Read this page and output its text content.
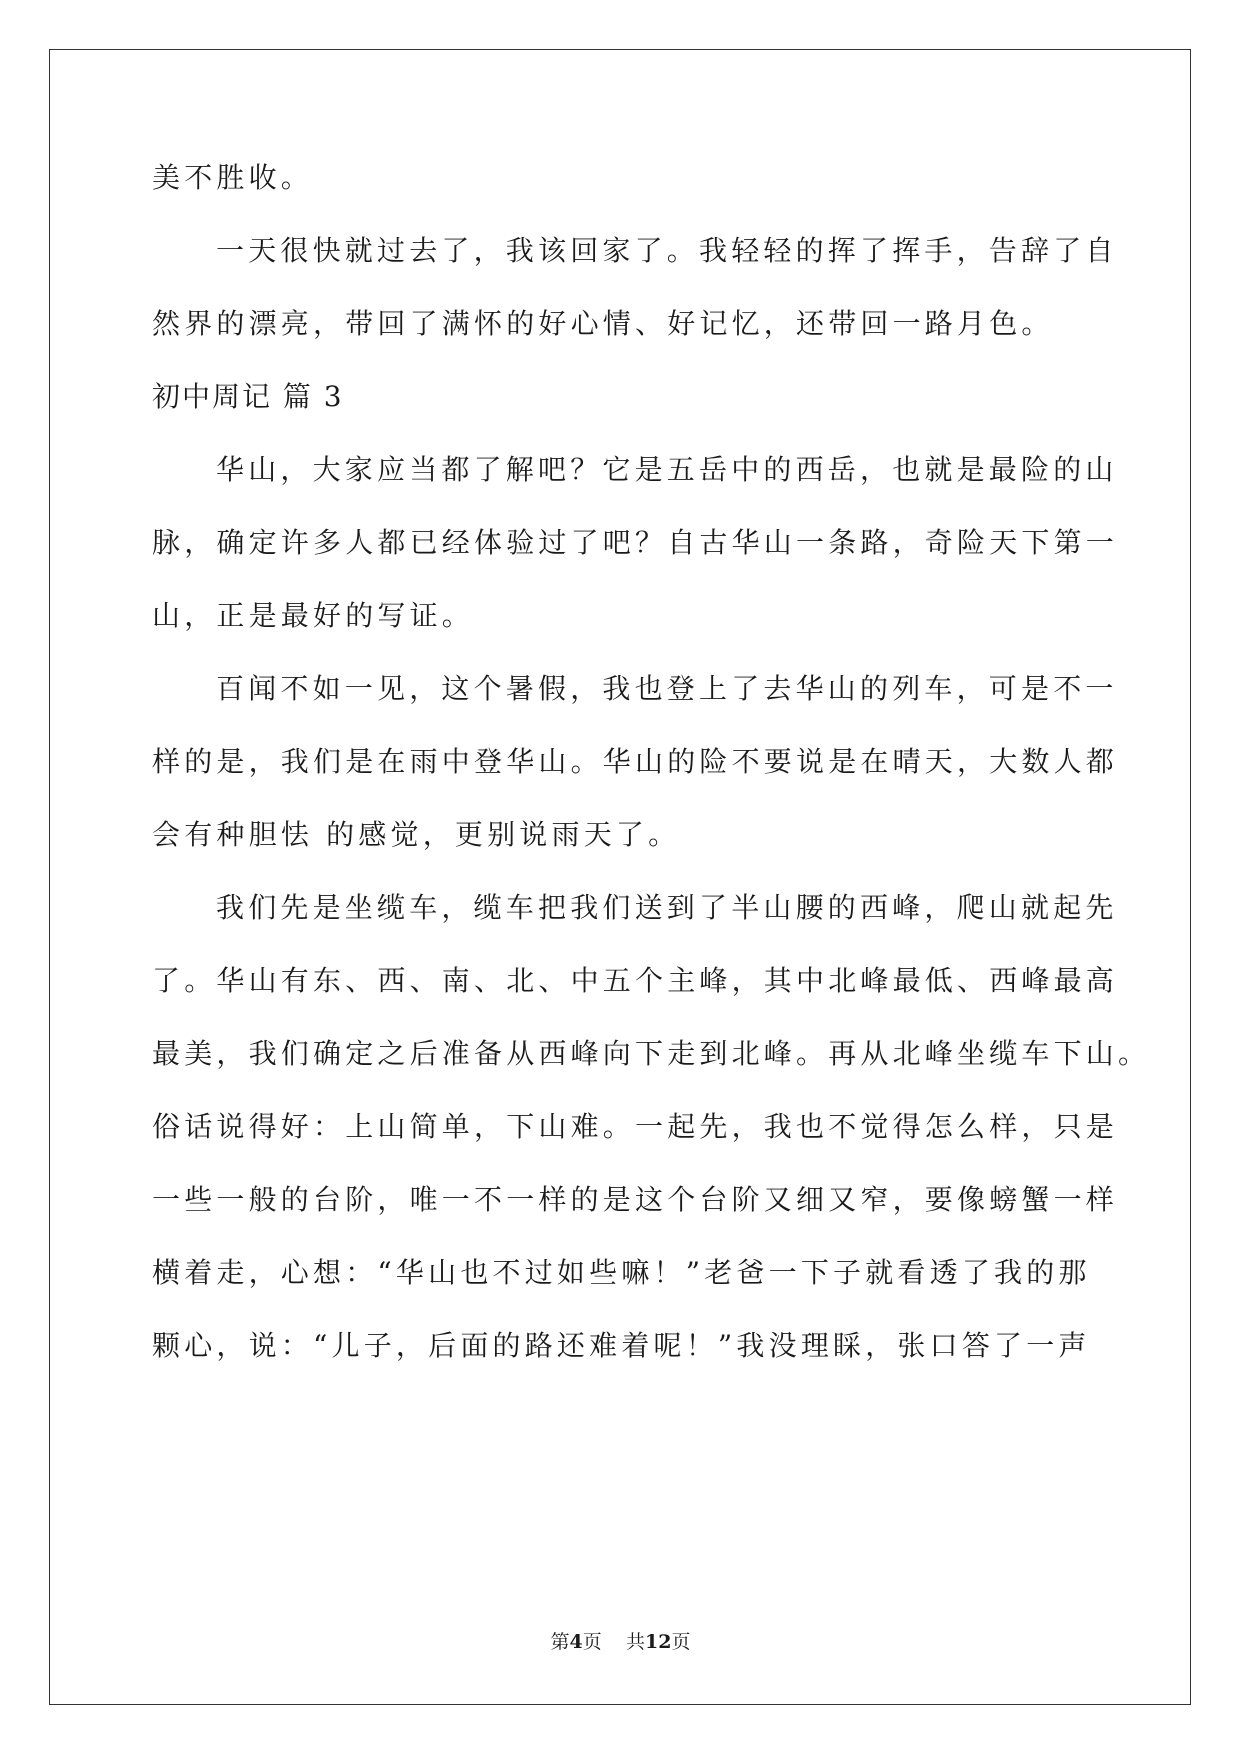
美不胜收。
一天很快就过去了，我该回家了。我轻轻的挥了挥手，告辞了自
然界的漂亮，带回了满怀的好心情、好记忆，还带回一路月色。
初中周记 篇 3
华山，大家应当都了解吧？它是五岳中的西岳，也就是最险的山
脉，确定许多人都已经体验过了吧？自古华山一条路，奇险天下第一
山，正是最好的写证。
百闻不如一见，这个暑假，我也登上了去华山的列车，可是不一
样的是，我们是在雨中登华山。华山的险不要说是在晴天，大数人都
会有种胆怯 的感觉，更别说雨天了。
我们先是坐缆车，缆车把我们送到了半山腰的西峰，爬山就起先
了。华山有东、西、南、北、中五个主峰，其中北峰最低、西峰最高
最美，我们确定之后准备从西峰向下走到北峰。再从北峰坐缆车下山。
俗话说得好：上山简单，下山难。一起先，我也不觉得怎么样，只是
一些一般的台阶，唯一不一样的是这个台阶又细又窄，要像螃蟹一样
横着走，心想：“华山也不过如些嘛！”老爸一下子就看透了我的那
颗心，说：“儿子，后面的路还难着呢！”我没理睬，张口答了一声
第4页 共12页
